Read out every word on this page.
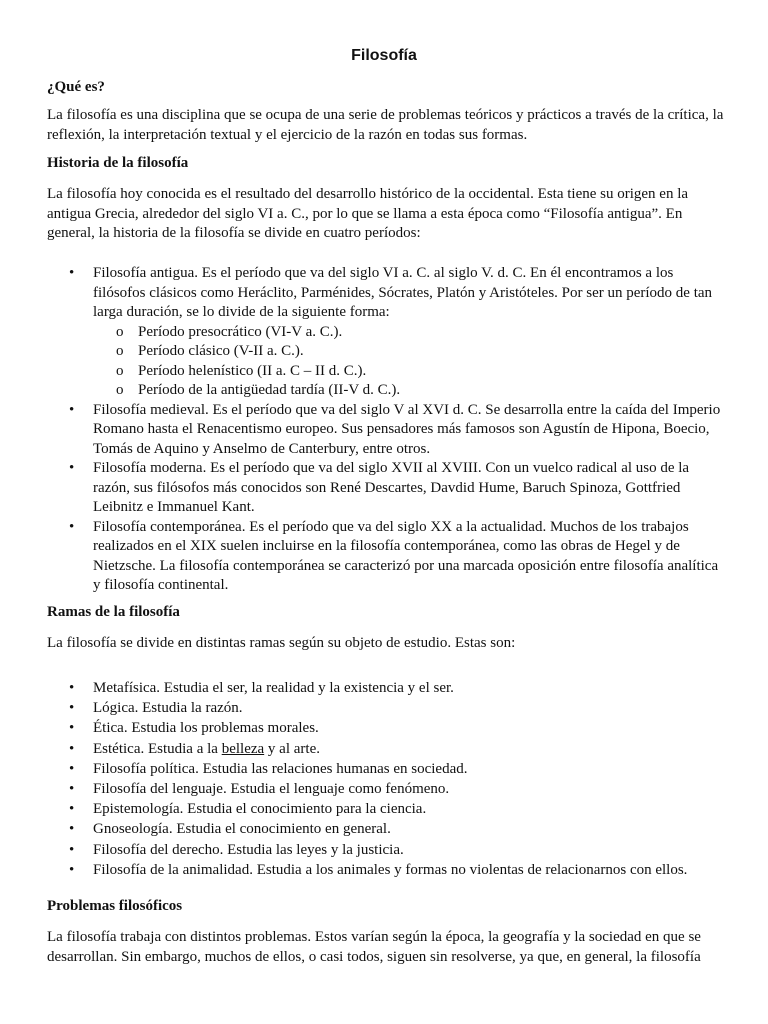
Filosofía
¿Qué es?

La filosofía es una disciplina que se ocupa de una serie de problemas teóricos y prácticos a través de la crítica, la reflexión, la interpretación textual y el ejercicio de la razón en todas sus formas.

Historia de la filosofía

La filosofía hoy conocida es el resultado del desarrollo histórico de la occidental. Esta tiene su origen en la antigua Grecia, alrededor del siglo VI a. C., por lo que se llama a esta época como “Filosofía antigua”. En general, la historia de la filosofía se divide en cuatro períodos:

• Filosofía antigua. Es el período que va del siglo VI a. C. al siglo V. d. C. En él encontramos a los filósofos clásicos como Heráclito, Parménides, Sócrates, Platón y Aristóteles. Por ser un período de tan larga duración, se lo divide de la siguiente forma:
o Período presocrático (VI-V a. C.).
o Período clásico (V-II a. C.).
o Período helenístico (II a. C – II d. C.).
o Período de la antigüedad tardía (II-V d. C.).
• Filosofía medieval. Es el período que va del siglo V al XVI d. C. Se desarrolla entre la caída del Imperio Romano hasta el Renacentismo europeo. Sus pensadores más famosos son Agustín de Hipona, Boecio, Tomás de Aquino y Anselmo de Canterbury, entre otros.
• Filosofía moderna. Es el período que va del siglo XVII al XVIII. Con un vuelco radical al uso de la razón, sus filósofos más conocidos son René Descartes, Davdid Hume, Baruch Spinoza, Gottfried Leibnitz e Immanuel Kant.
• Filosofía contemporánea. Es el período que va del siglo XX a la actualidad. Muchos de los trabajos realizados en el XIX suelen incluirse en la filosofía contemporánea, como las obras de Hegel y de Nietzsche. La filosofía contemporánea se caracterizó por una marcada oposición entre filosofía analítica y filosofía continental.
Ramas de la filosofía

La filosofía se divide en distintas ramas según su objeto de estudio. Estas son:

• Metafísica. Estudia el ser, la realidad y la existencia y el ser.
• Lógica. Estudia la razón.
• Ética. Estudia los problemas morales.
• Estética. Estudia a la belleza y al arte.
• Filosofía política. Estudia las relaciones humanas en sociedad.
• Filosofía del lenguaje. Estudia el lenguaje como fenómeno.
• Epistemología. Estudia el conocimiento para la ciencia.
• Gnoseología. Estudia el conocimiento en general.
• Filosofía del derecho. Estudia las leyes y la justicia.
• Filosofía de la animalidad. Estudia a los animales y formas no violentas de relacionarnos con ellos.
Problemas filosóficos

La filosofía trabaja con distintos problemas. Estos varían según la época, la geografía y la sociedad en que se desarrollan. Sin embargo, muchos de ellos, o casi todos, siguen sin resolverse, ya que, en general, la filosofía
